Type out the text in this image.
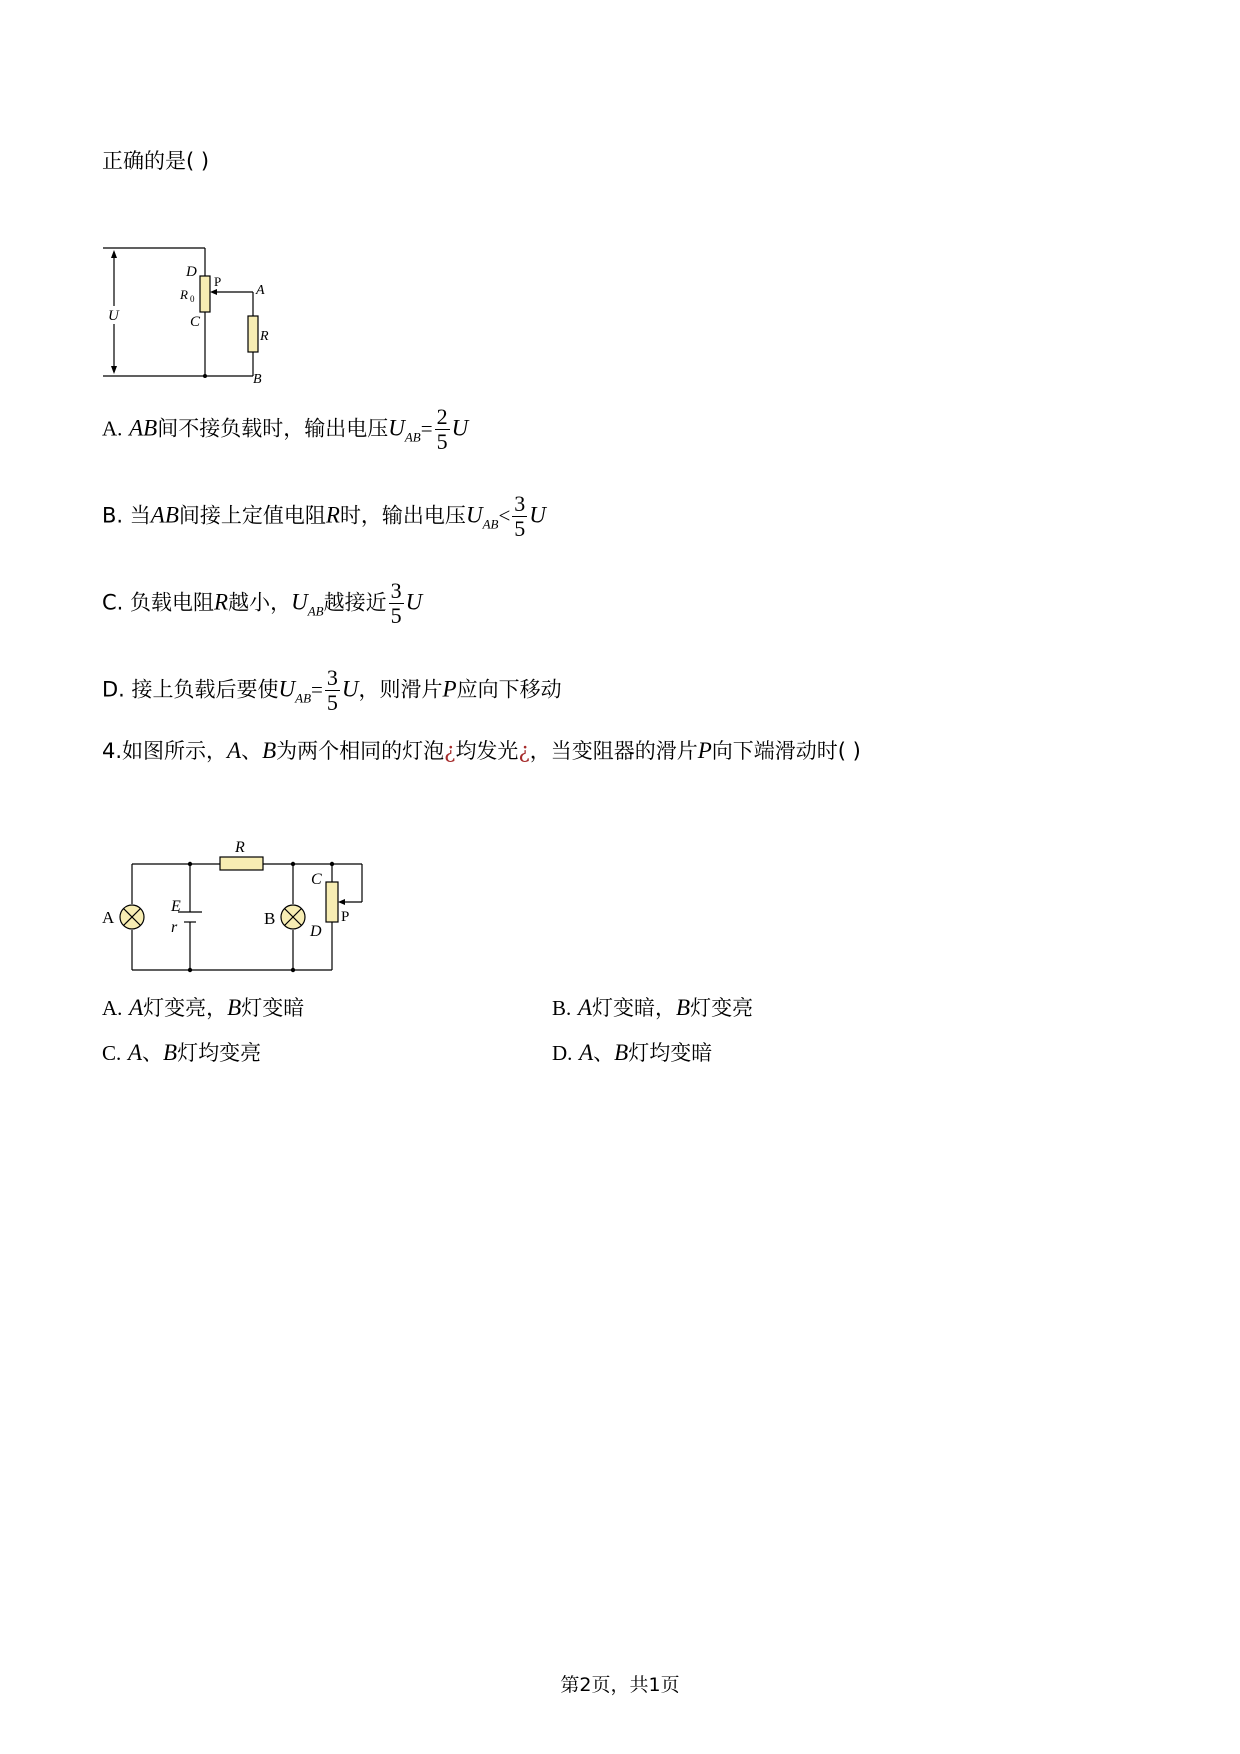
正确的是( )
D
P
R 0
C
A
R
U
B
A. AB间不接负载时，输出电压$U_{AB}= \frac{2}{5}$ U
B. 当AB间接上定值电阻R时，输出电压$U_{AB}< \frac{3}{5}$ U
C. 负载电阻R越小，$U_{AB}$越接近 $\frac{3}{5}$ U
D. 接上负载后要使$U_{AB}= \frac{3}{5}$ U，则滑片P应向下移动
4.如图所示，A、B为两个相同的灯泡¿均发光¿，当变阻器的滑片P向下端滑动时( )
R
C
E
r
A	B	P
D
A. A灯变亮，B灯变暗	B. A灯变暗，B灯变亮
C. A、B灯均变亮	D. A、B灯均变暗
第2页，共1页
